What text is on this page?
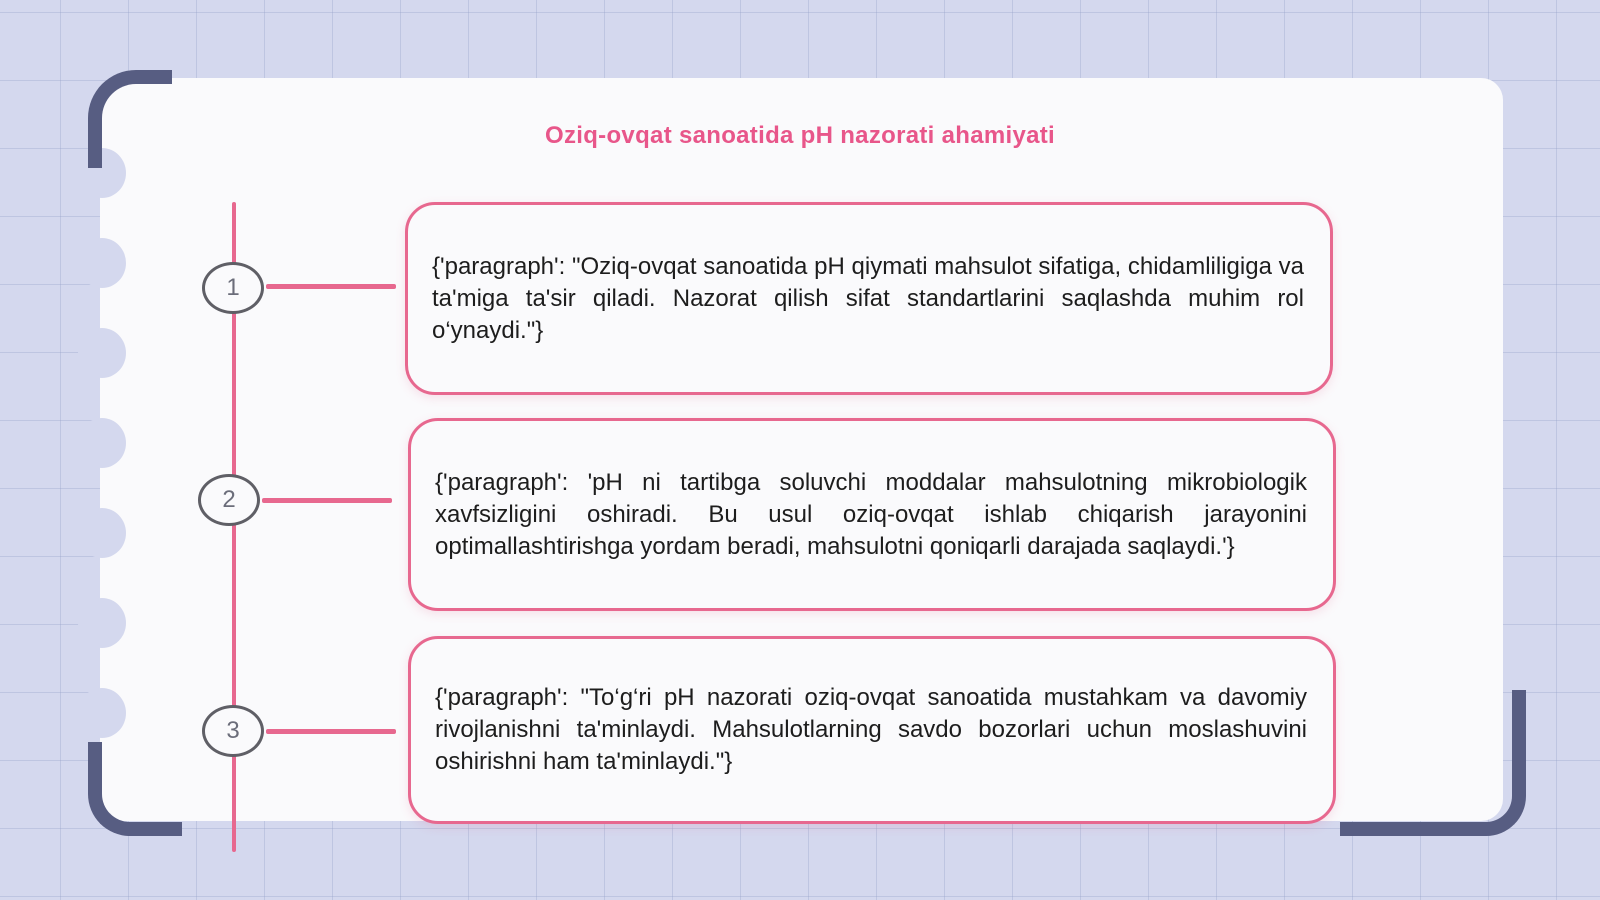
Oziq-ovqat sanoatida pH nazorati ahamiyati
1
2
3

{'paragraph': "Oziq-ovqat sanoatida pH qiymati mahsulot sifatiga, chidamliligiga va ta'miga ta'sir qiladi. Nazorat qilish sifat standartlarini saqlashda muhim rol o‘ynaydi."}

{'paragraph': 'pH ni tartibga soluvchi moddalar mahsulotning mikrobiologik xavfsizligini oshiradi. Bu usul oziq-ovqat ishlab chiqarish jarayonini optimallashtirishga yordam beradi, mahsulotni qoniqarli darajada saqlaydi.'}

{'paragraph': "To‘g‘ri pH nazorati oziq-ovqat sanoatida mustahkam va davomiy rivojlanishni ta'minlaydi. Mahsulotlarning savdo bozorlari uchun moslashuvini oshirishni ham ta'minlaydi."}
